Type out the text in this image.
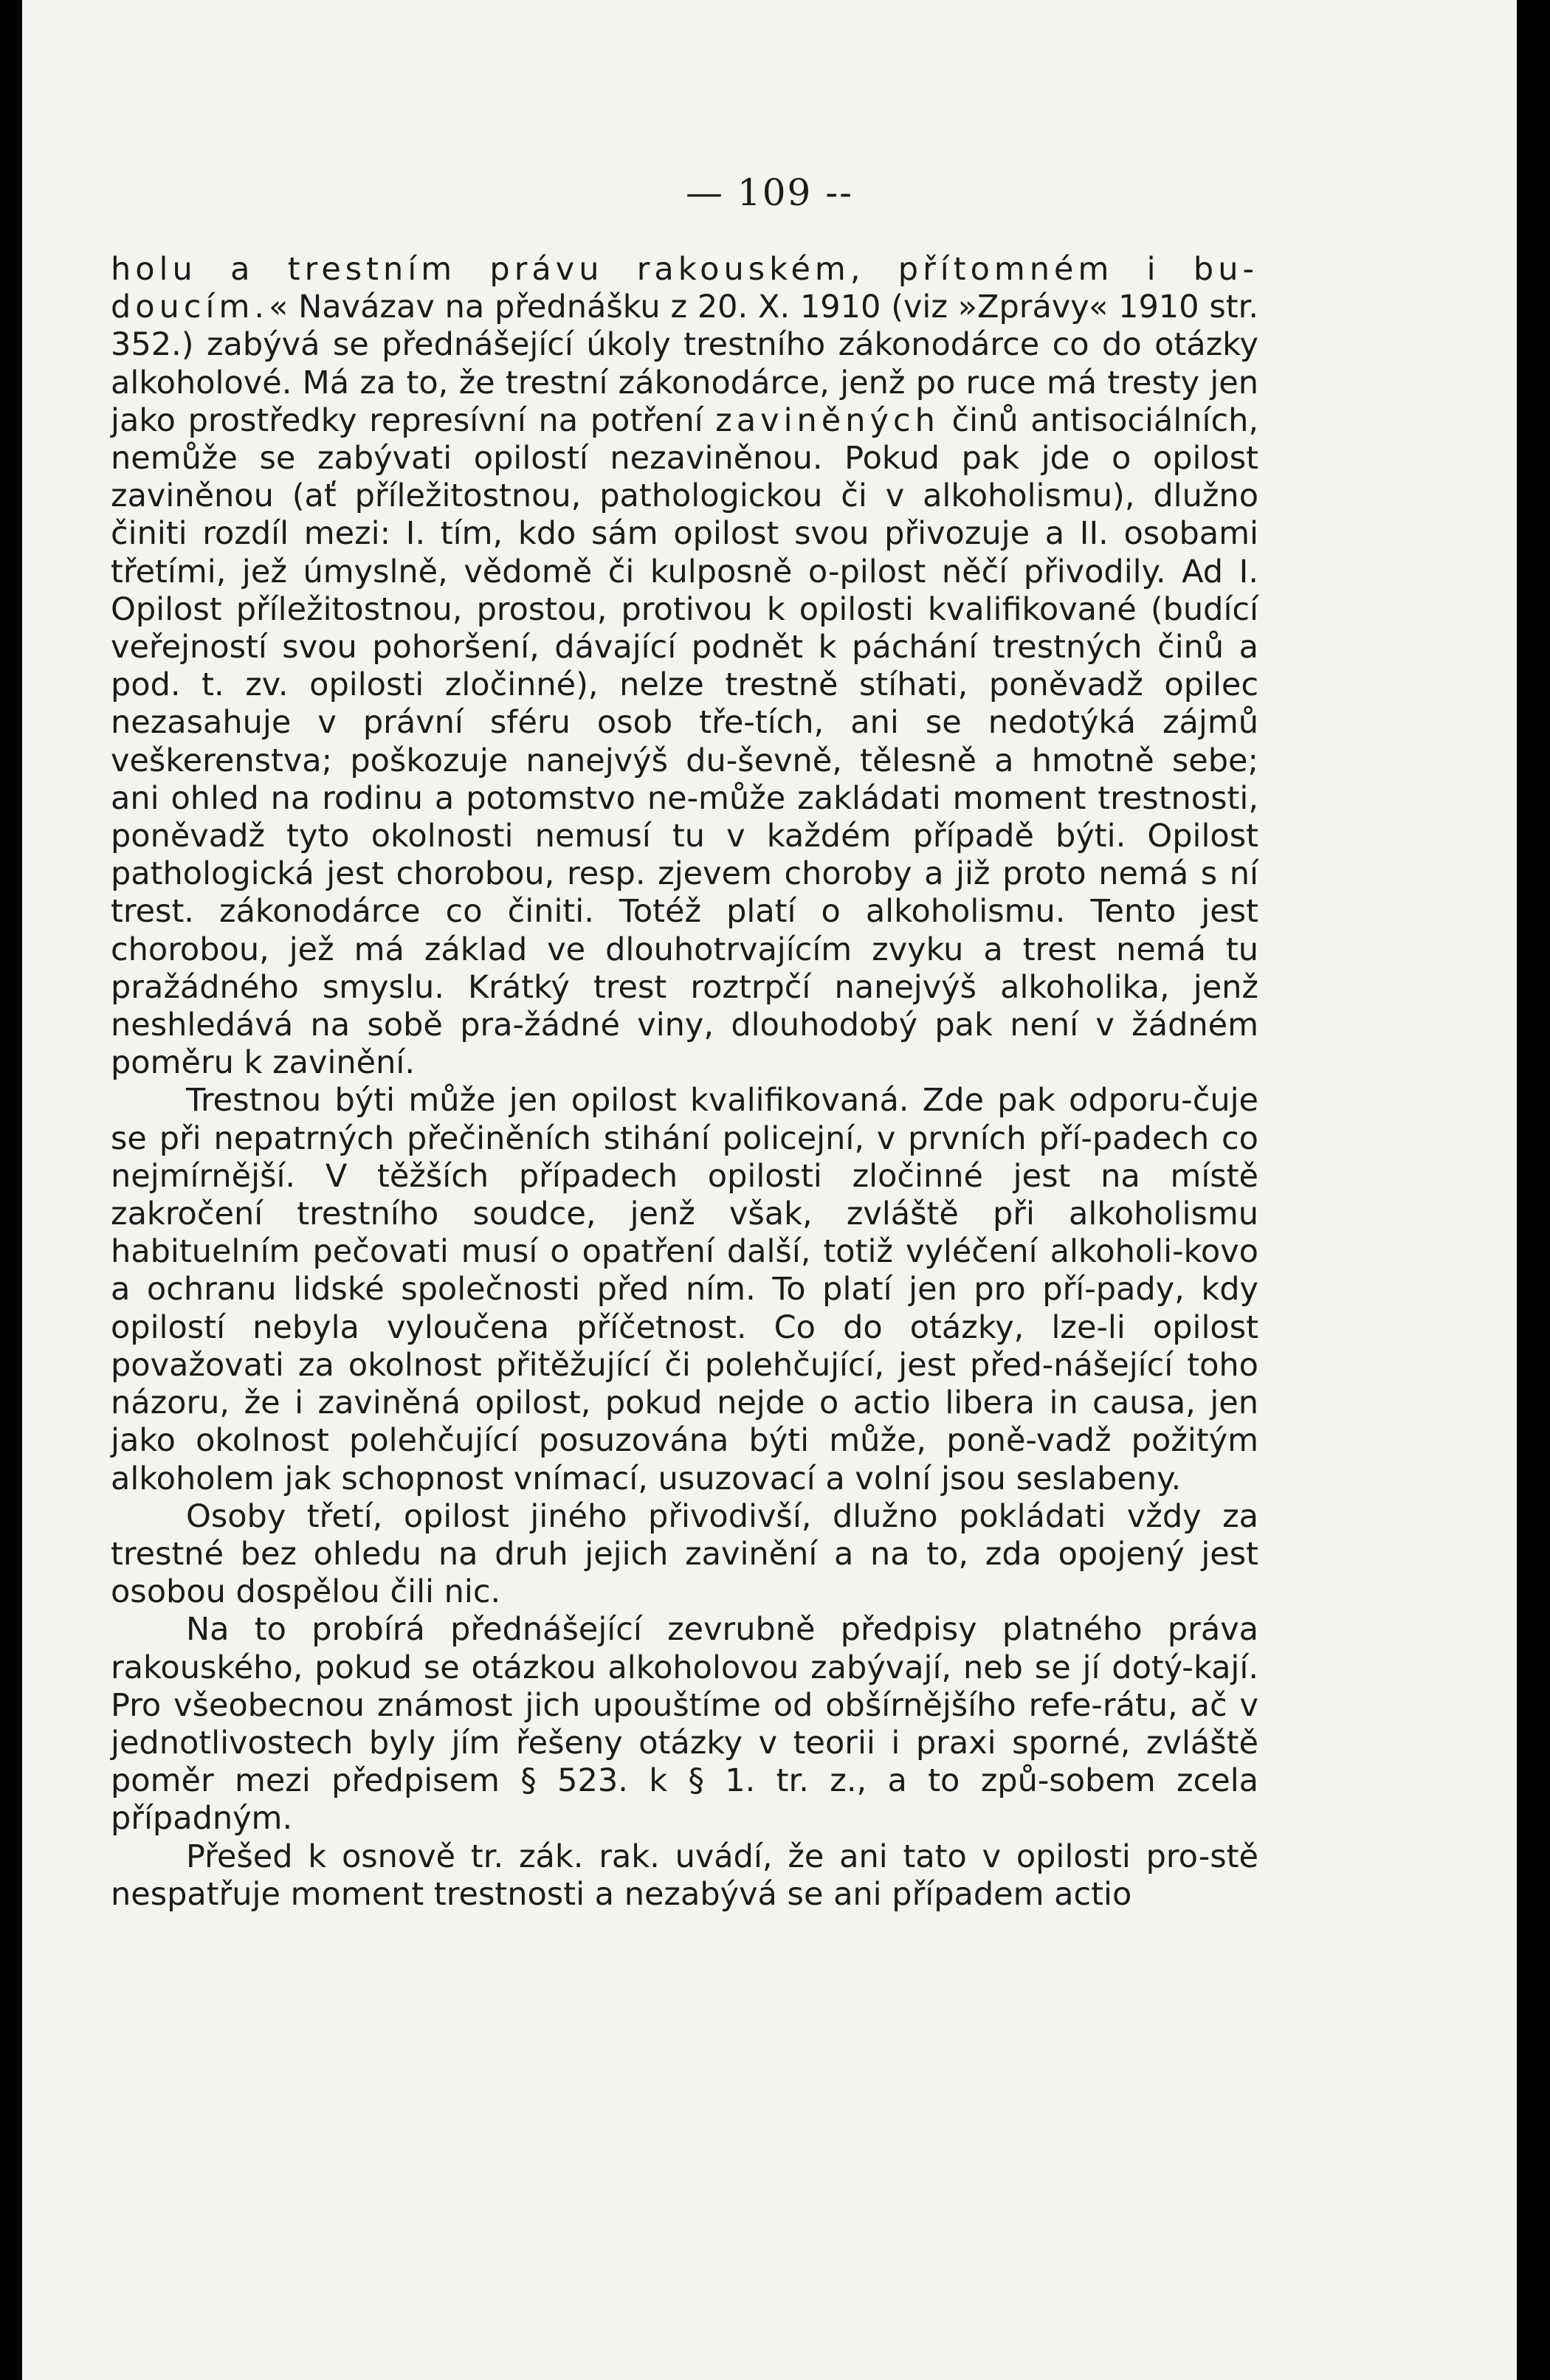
— 109 --

holu a trestním právu rakouském, přítomném i bu- doucím.« Navázav na přednášku z 20. X. 1910 (viz »Zprávy« 1910 str. 352.) zabývá se přednášející úkoly trestního zákonodárce co do otázky alkoholové. Má za to, že trestní zákonodárce, jenž po ruce má tresty jen jako prostředky represívní na potření zaviněných činů antisociálních, nemůže se zabývati opilostí nezaviněnou. Pokud pak jde o opilost zaviněnou (ať příležitostnou, pathologickou či v alkoholismu), dlužno činiti rozdíl mezi: I. tím, kdo sám opilost svou přivozuje a II. osobami třetími, jež úmyslně, vědomě či kulposně o-pilost něčí přivodily. Ad I. Opilost příležitostnou, prostou, protivou k opilosti kvalifikované (budící veřejností svou pohoršení, dávající podnět k páchání trestných činů a pod. t. zv. opilosti zločinné), nelze trestně stíhati, poněvadž opilec nezasahuje v právní sféru osob tře-tích, ani se nedotýká zájmů veškerenstva; poškozuje nanejvýš du-ševně, tělesně a hmotně sebe; ani ohled na rodinu a potomstvo ne-může zakládati moment trestnosti, poněvadž tyto okolnosti nemusí tu v každém případě býti. Opilost pathologická jest chorobou, resp. zjevem choroby a již proto nemá s ní trest. zákonodárce co činiti. Totéž platí o alkoholismu. Tento jest chorobou, jež má základ ve dlouhotrvajícím zvyku a trest nemá tu pražádného smyslu. Krátký trest roztrpčí nanejvýš alkoholika, jenž neshledává na sobě pra-žádné viny, dlouhodobý pak není v žádném poměru k zavinění.

Trestnou býti může jen opilost kvalifikovaná. Zde pak odporu-čuje se při nepatrných přečiněních stihání policejní, v prvních pří-padech co nejmírnější. V těžších případech opilosti zločinné jest na místě zakročení trestního soudce, jenž však, zvláště při alkoholismu habituelním pečovati musí o opatření další, totiž vyléčení alkoholi-kovo a ochranu lidské společnosti před ním. To platí jen pro pří-pady, kdy opilostí nebyla vyloučena příčetnost. Co do otázky, lze-li opilost považovati za okolnost přitěžující či polehčující, jest před-nášející toho názoru, že i zaviněná opilost, pokud nejde o actio libera in causa, jen jako okolnost polehčující posuzována býti může, poně-vadž požitým alkoholem jak schopnost vnímací, usuzovací a volní jsou seslabeny.

Osoby třetí, opilost jiného přivodivší, dlužno pokládati vždy za trestné bez ohledu na druh jejich zavinění a na to, zda opojený jest osobou dospělou čili nic.

Na to probírá přednášející zevrubně předpisy platného práva rakouského, pokud se otázkou alkoholovou zabývají, neb se jí dotý-kají. Pro všeobecnou známost jich upouštíme od obšírnějšího refe-rátu, ač v jednotlivostech byly jím řešeny otázky v teorii i praxi sporné, zvláště poměr mezi předpisem § 523. k § 1. tr. z., a to způ-sobem zcela případným.

Přešed k osnově tr. zák. rak. uvádí, že ani tato v opilosti pro-stě nespatřuje moment trestnosti a nezabývá se ani případem actio
